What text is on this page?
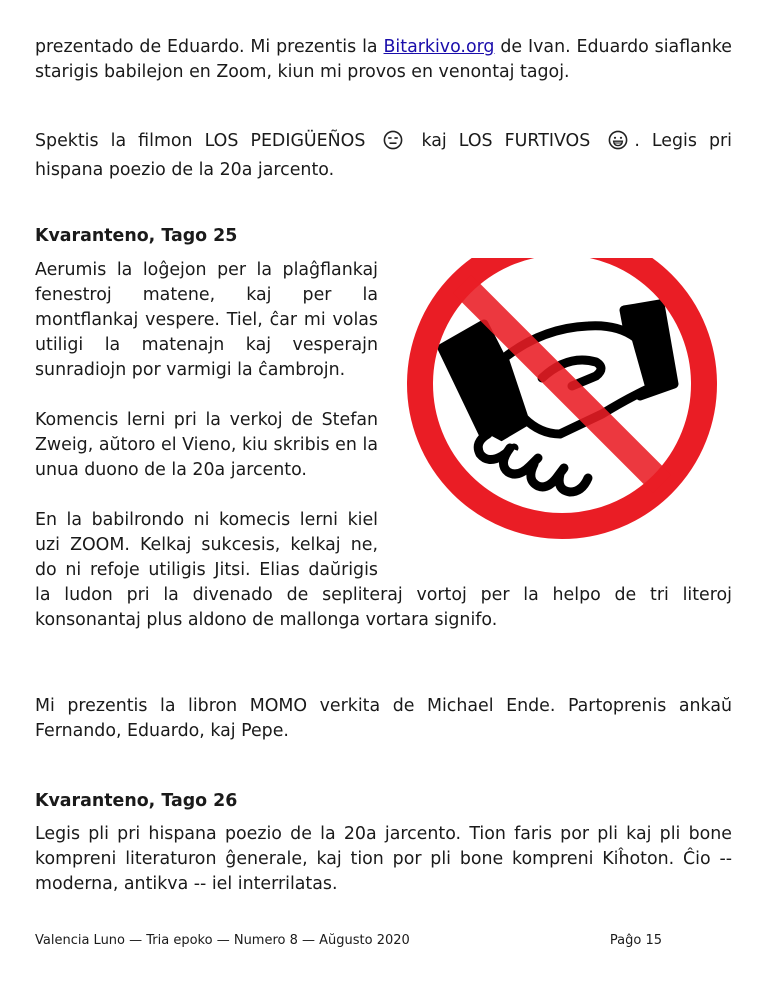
prezentado de Eduardo. Mi prezentis la Bitarkivo.org de Ivan. Eduardo siaflanke starigis babilejon en Zoom, kiun mi provos en venontaj tagoj.

Spektis la filmon LOS PEDIGÜEÑOS  kaj LOS FURTIVOS . Legis pri hispana poezio de la 20a jarcento.

Kvaranteno, Tago 25
Aerumis la loĝejon per la plaĝflankaj fenestroj matene, kaj per la montflankaj vespere. Tiel, ĉar mi volas utiligi la matenajn kaj vesperajn sunradiojn por varmigi la ĉambrojn.
Komencis lerni pri la verkoj de Stefan Zweig, aŭtoro el Vieno, kiu skribis en la unua duono de la 20a jarcento.
En la babilrondo ni komecis lerni kiel uzi ZOOM. Kelkaj sukcesis, kelkaj ne, do ni refoje utiligis Jitsi. Elias daŭrigis la ludon pri la divenado de sepliteraj vortoj per la helpo de tri literoj konsonantaj plus aldono de mallonga vortara signifo.

Mi prezentis la libron MOMO verkita de Michael Ende. Partoprenis ankaŭ Fernando, Eduardo, kaj Pepe.

Kvaranteno, Tago 26

Legis pli pri hispana poezio de la 20a jarcento. Tion faris por pli kaj pli bone kompreni literaturon ĝenerale, kaj tion por pli bone kompreni Kiĥoton. Ĉio -- moderna, antikva -- iel interrilatas.

Valencia Luno — Tria epoko — Numero 8 — Aŭgusto 2020	Paĝo 15
